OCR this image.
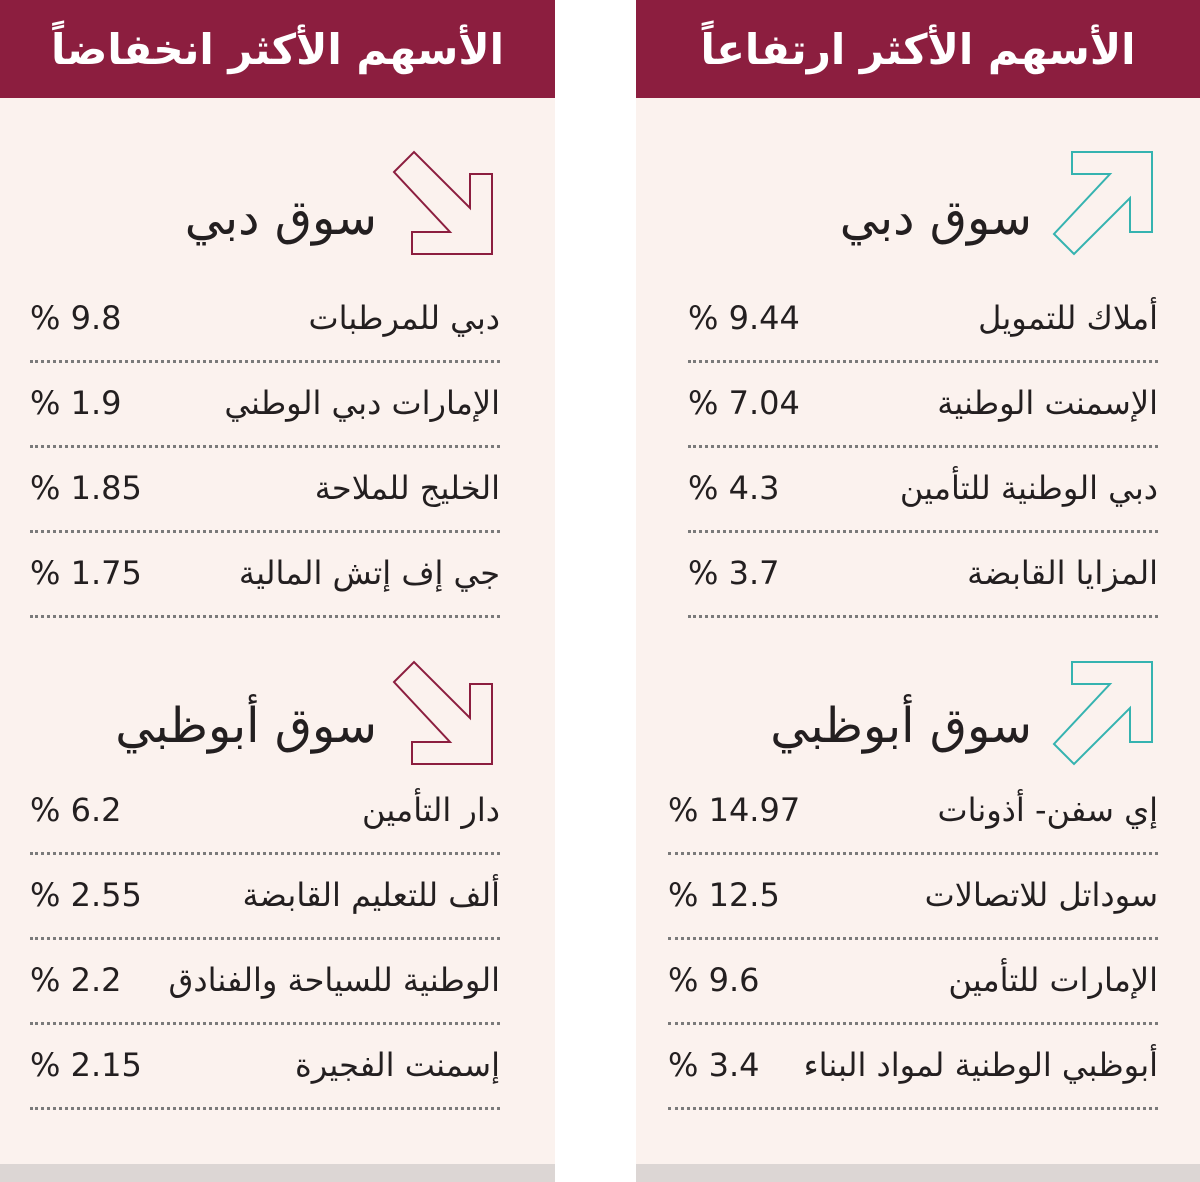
الأسهم الأكثر انخفاضاً
سوق دبي
دبي للمرطبات
9.8 %
الإمارات دبي الوطني
1.9 %
الخليج للملاحة
1.85 %
جي إف إتش المالية
1.75 %
سوق أبوظبي
دار التأمين
6.2 %
ألف للتعليم القابضة
2.55 %
الوطنية للسياحة والفنادق
2.2 %
إسمنت الفجيرة
2.15 %
الأسهم الأكثر ارتفاعاً
سوق دبي
أملاك للتمويل
9.44 %
الإسمنت الوطنية
7.04 %
دبي الوطنية للتأمين
4.3 %
المزايا القابضة
3.7 %
سوق أبوظبي
إي سفن- أذونات
14.97 %
سوداتل للاتصالات
12.5 %
الإمارات للتأمين
9.6 %
أبوظبي الوطنية لمواد البناء
3.4 %
